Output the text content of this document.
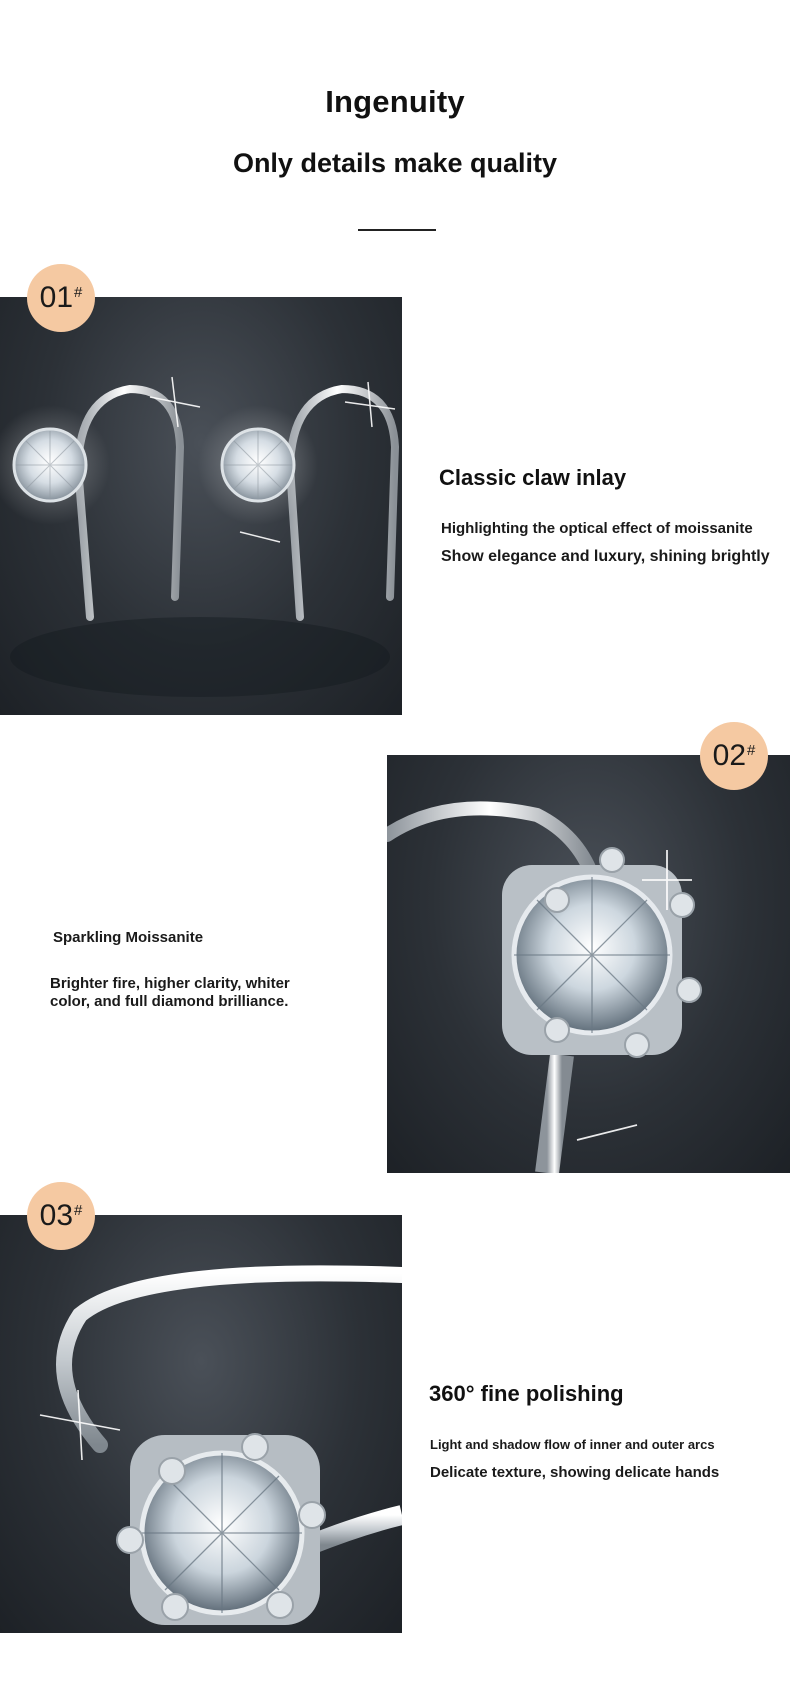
Ingenuity
Only details make quality
01#
Classic claw inlay
Highlighting the optical effect of moissanite
Show elegance and luxury, shining brightly
02#
Sparkling Moissanite
Brighter fire, higher clarity, whiter color, and full diamond brilliance.
03#
360° fine polishing
Light and shadow flow of inner and outer arcs
Delicate texture, showing delicate hands
